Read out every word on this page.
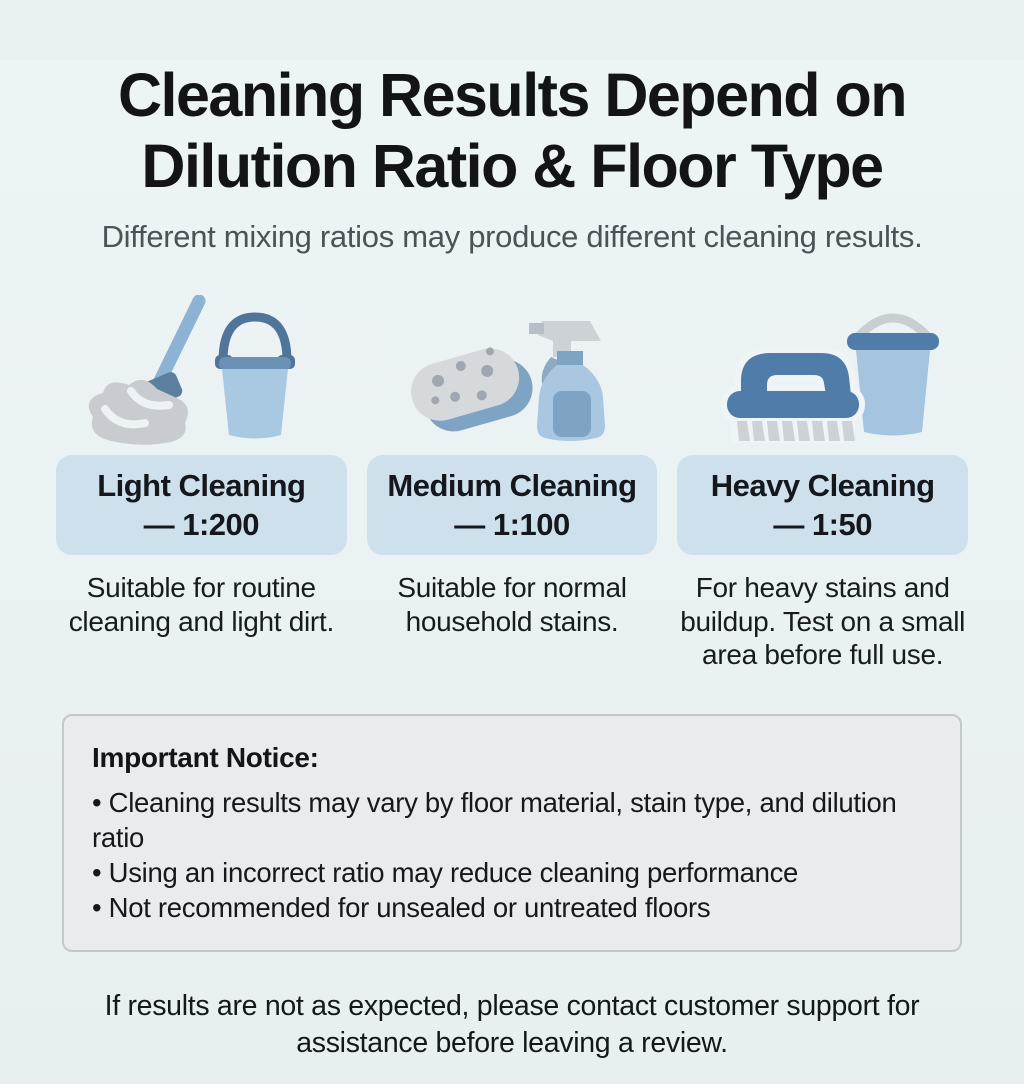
Cleaning Results Depend on Dilution Ratio & Floor Type

Different mixing ratios may produce different cleaning results.

Light Cleaning
— 1:200

Suitable for routine cleaning and light dirt.

Medium Cleaning
— 1:100

Suitable for normal household stains.

Heavy Cleaning
— 1:50

For heavy stains and buildup. Test on a small area before full use.

Important Notice:

• Cleaning results may vary by floor material, stain type, and dilution ratio
• Using an incorrect ratio may reduce cleaning performance
• Not recommended for unsealed or untreated floors

If results are not as expected, please contact customer support for assistance before leaving a review.
